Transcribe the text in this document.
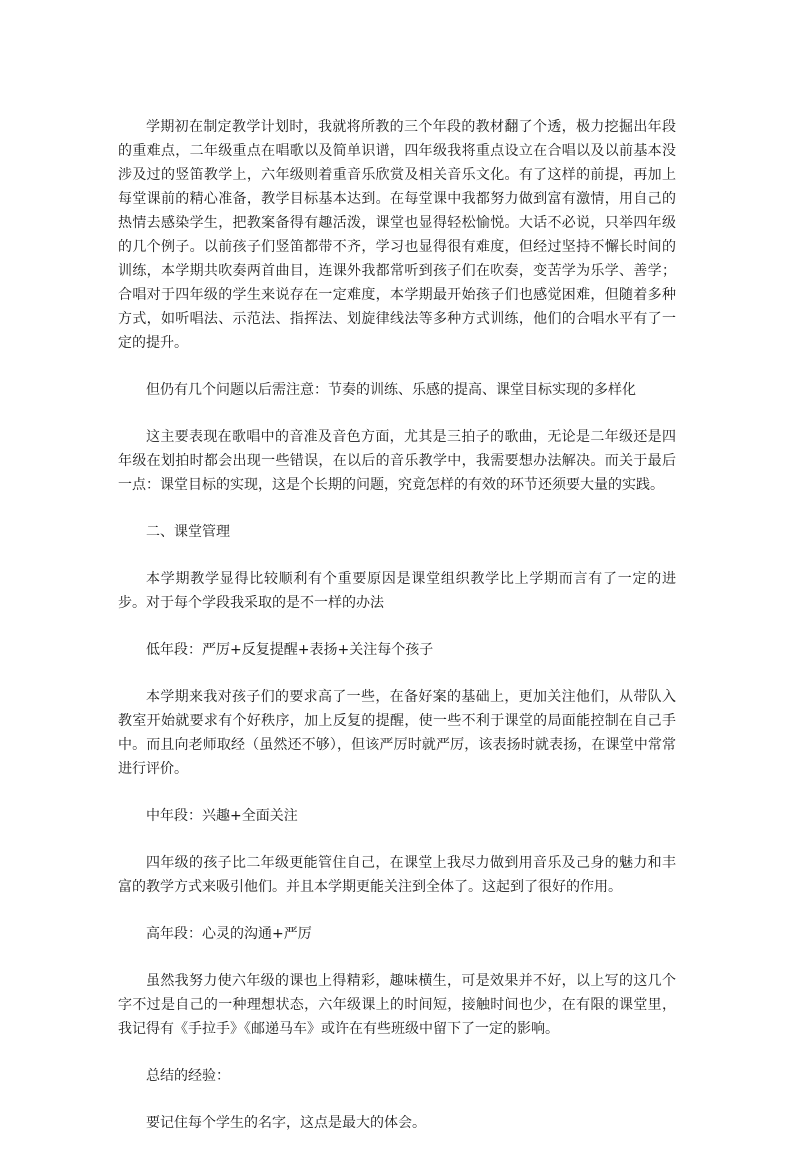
学期初在制定教学计划时，我就将所教的三个年段的教材翻了个透，极力挖掘出年段的重难点，二年级重点在唱歌以及简单识谱，四年级我将重点设立在合唱以及以前基本没涉及过的竖笛教学上，六年级则着重音乐欣赏及相关音乐文化。有了这样的前提，再加上每堂课前的精心准备，教学目标基本达到。在每堂课中我都努力做到富有激情，用自己的热情去感染学生，把教案备得有趣活泼，课堂也显得轻松愉悦。大话不必说，只举四年级的几个例子。以前孩子们竖笛都带不齐，学习也显得很有难度，但经过坚持不懈长时间的训练，本学期共吹奏两首曲目，连课外我都常听到孩子们在吹奏，变苦学为乐学、善学；合唱对于四年级的学生来说存在一定难度，本学期最开始孩子们也感觉困难，但随着多种方式，如听唱法、示范法、指挥法、划旋律线法等多种方式训练，他们的合唱水平有了一定的提升。

但仍有几个问题以后需注意：节奏的训练、乐感的提高、课堂目标实现的多样化

这主要表现在歌唱中的音准及音色方面，尤其是三拍子的歌曲，无论是二年级还是四年级在划拍时都会出现一些错误，在以后的音乐教学中，我需要想办法解决。而关于最后一点：课堂目标的实现，这是个长期的问题，究竟怎样的有效的环节还须要大量的实践。

二、课堂管理

本学期教学显得比较顺利有个重要原因是课堂组织教学比上学期而言有了一定的进步。对于每个学段我采取的是不一样的办法

低年段：严厉+反复提醒+表扬+关注每个孩子

本学期来我对孩子们的要求高了一些，在备好案的基础上，更加关注他们，从带队入教室开始就要求有个好秩序，加上反复的提醒，使一些不利于课堂的局面能控制在自己手中。而且向老师取经（虽然还不够），但该严厉时就严厉，该表扬时就表扬，在课堂中常常进行评价。

中年段：兴趣+全面关注

四年级的孩子比二年级更能管住自己，在课堂上我尽力做到用音乐及己身的魅力和丰富的教学方式来吸引他们。并且本学期更能关注到全体了。这起到了很好的作用。

高年段：心灵的沟通+严厉

虽然我努力使六年级的课也上得精彩，趣味横生，可是效果并不好，以上写的这几个字不过是自己的一种理想状态，六年级课上的时间短，接触时间也少，在有限的课堂里，我记得有《手拉手》《邮递马车》或许在有些班级中留下了一定的影响。

总结的经验：

要记住每个学生的名字，这点是最大的体会。
